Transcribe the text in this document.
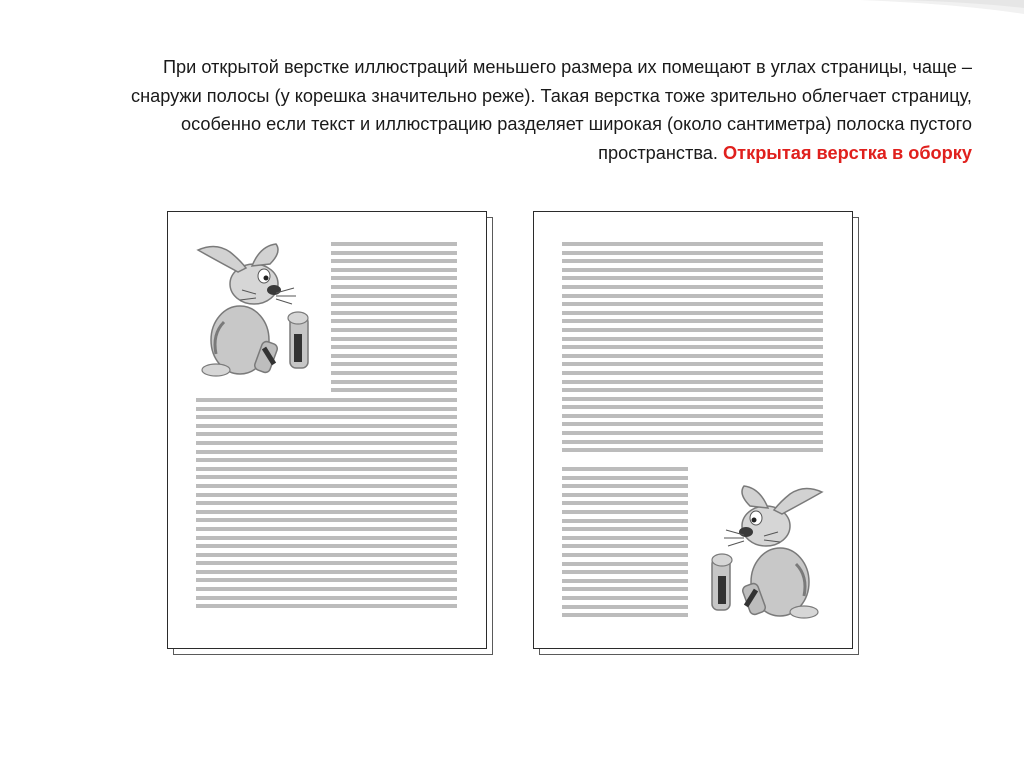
При открытой верстке иллюстраций меньшего размера их помещают в углах страницы, чаще – снаружи полосы (у корешка значительно реже). Такая верстка тоже зрительно облегчает страницу, особенно если текст и иллюстрацию разделяет широкая (около сантиметра) полоска пустого пространства. Открытая верстка в оборку
